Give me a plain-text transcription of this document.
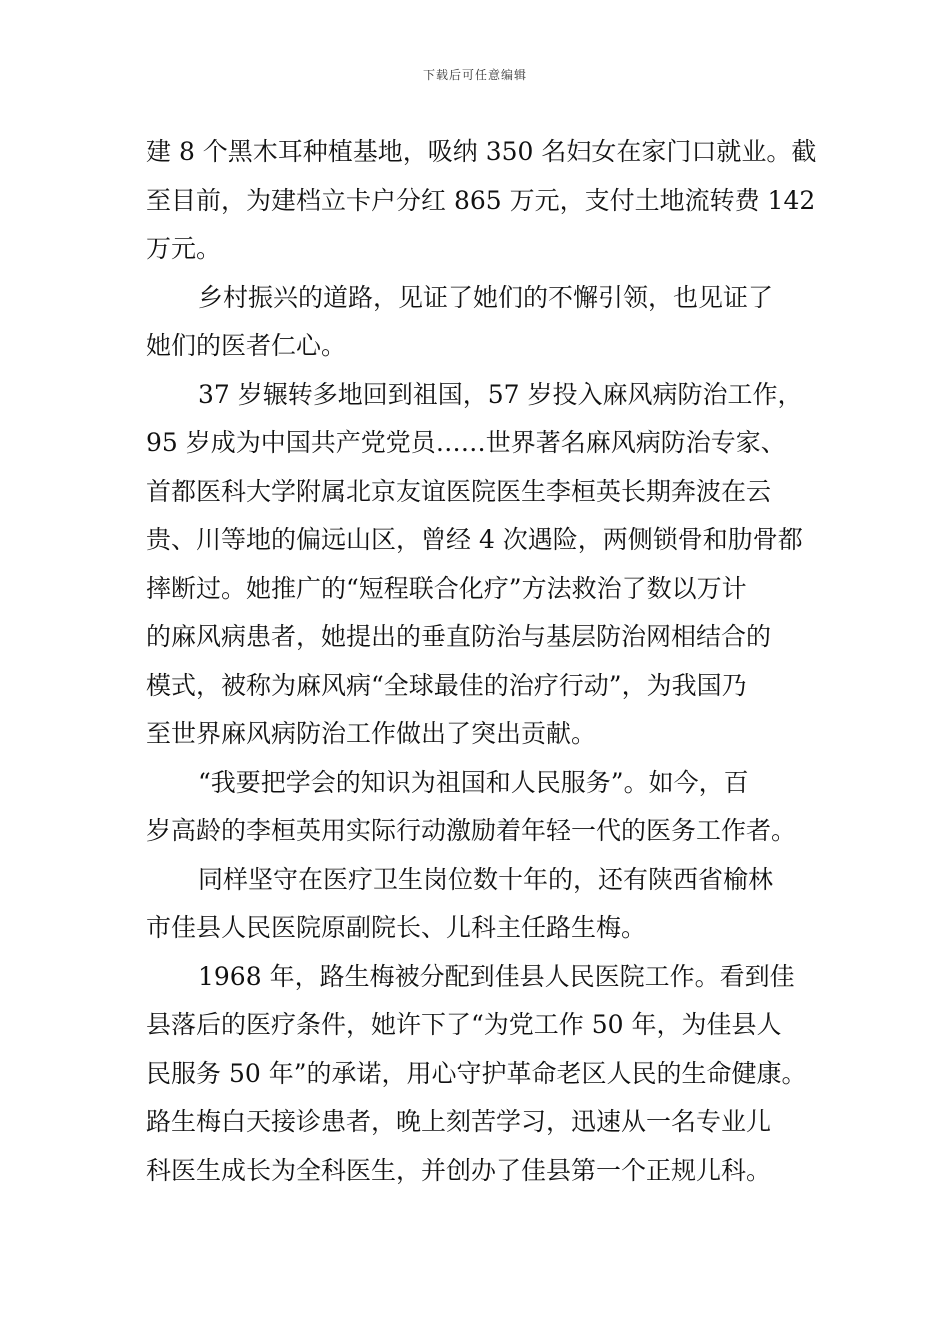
下载后可任意编辑
建 8 个黑木耳种植基地，吸纳 350 名妇女在家门口就业。截
至目前，为建档立卡户分红 865 万元，支付土地流转费 142
万元。
乡村振兴的道路，见证了她们的不懈引领，也见证了
她们的医者仁心。
37 岁辗转多地回到祖国，57 岁投入麻风病防治工作，
95 岁成为中国共产党党员……世界著名麻风病防治专家、
首都医科大学附属北京友谊医院医生李桓英长期奔波在云
贵、川等地的偏远山区，曾经 4 次遇险，两侧锁骨和肋骨都
摔断过。她推广的“短程联合化疗”方法救治了数以万计
的麻风病患者，她提出的垂直防治与基层防治网相结合的
模式，被称为麻风病“全球最佳的治疗行动”，为我国乃
至世界麻风病防治工作做出了突出贡献。
“我要把学会的知识为祖国和人民服务”。如今，百
岁高龄的李桓英用实际行动激励着年轻一代的医务工作者。
同样坚守在医疗卫生岗位数十年的，还有陕西省榆林
市佳县人民医院原副院长、儿科主任路生梅。
1968 年，路生梅被分配到佳县人民医院工作。看到佳
县落后的医疗条件，她许下了“为党工作 50 年，为佳县人
民服务 50 年”的承诺，用心守护革命老区人民的生命健康。
路生梅白天接诊患者，晚上刻苦学习，迅速从一名专业儿
科医生成长为全科医生，并创办了佳县第一个正规儿科。
